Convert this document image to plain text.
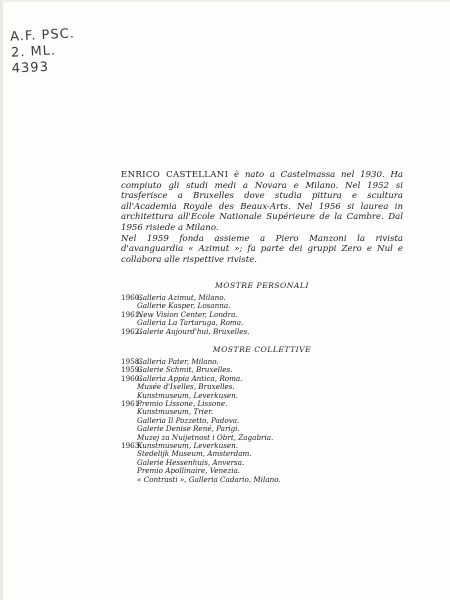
A.F. PSC.
2. ML.
4393

ENRICO CASTELLANI è nato a Castelmassa nel 1930. Ha compiuto gli studi medi a Novara e Milano. Nel 1952 si trasferisce a Bruxelles dove studia pittura e scultura all'Academia Royale des Beaux-Arts. Nel 1956 si laurea in architettura all'Ecole Nationale Supérieure de la Cambre. Dal 1956 risiede a Milano.

Nel 1959 fonda assieme a Piero Manzoni la rivista d'avanguardia « Azimut »; fa parte dei gruppi Zero e Nul e collabora alle rispettive riviste.

MOSTRE PERSONALI
1960:
Galleria Azimut, Milano.
Gallerie Kasper, Losanna.
1961:
New Vision Center, Londra.
Galleria La Tartaruga, Roma.
1962:
Galerie Aujourd'hui, Bruxelles.
MOSTRE COLLETTIVE
1958:
Galleria Pater, Milano.
1959:
Galerie Schmit, Bruxelles.
1960:
Galleria Appia Antica, Roma.
Musée d'Ixelles, Bruxelles.
Kunstmuseum, Leverkusen.
1961:
Premio Lissone, Lissone.
Kunstmuseum, Trier.
Galleria Il Pozzetto, Padova.
Galerie Denise René, Parigi.
Muzej za Nuijetnost i Obrt, Zagabria.
1963:
Kunstmuseum, Leverkusen.
Stedelijk Museum, Amsterdam.
Galerie Hessenhuis, Anversa.
Premio Apollinaire, Venezia.
« Contrasti », Galleria Cadario, Milano.
